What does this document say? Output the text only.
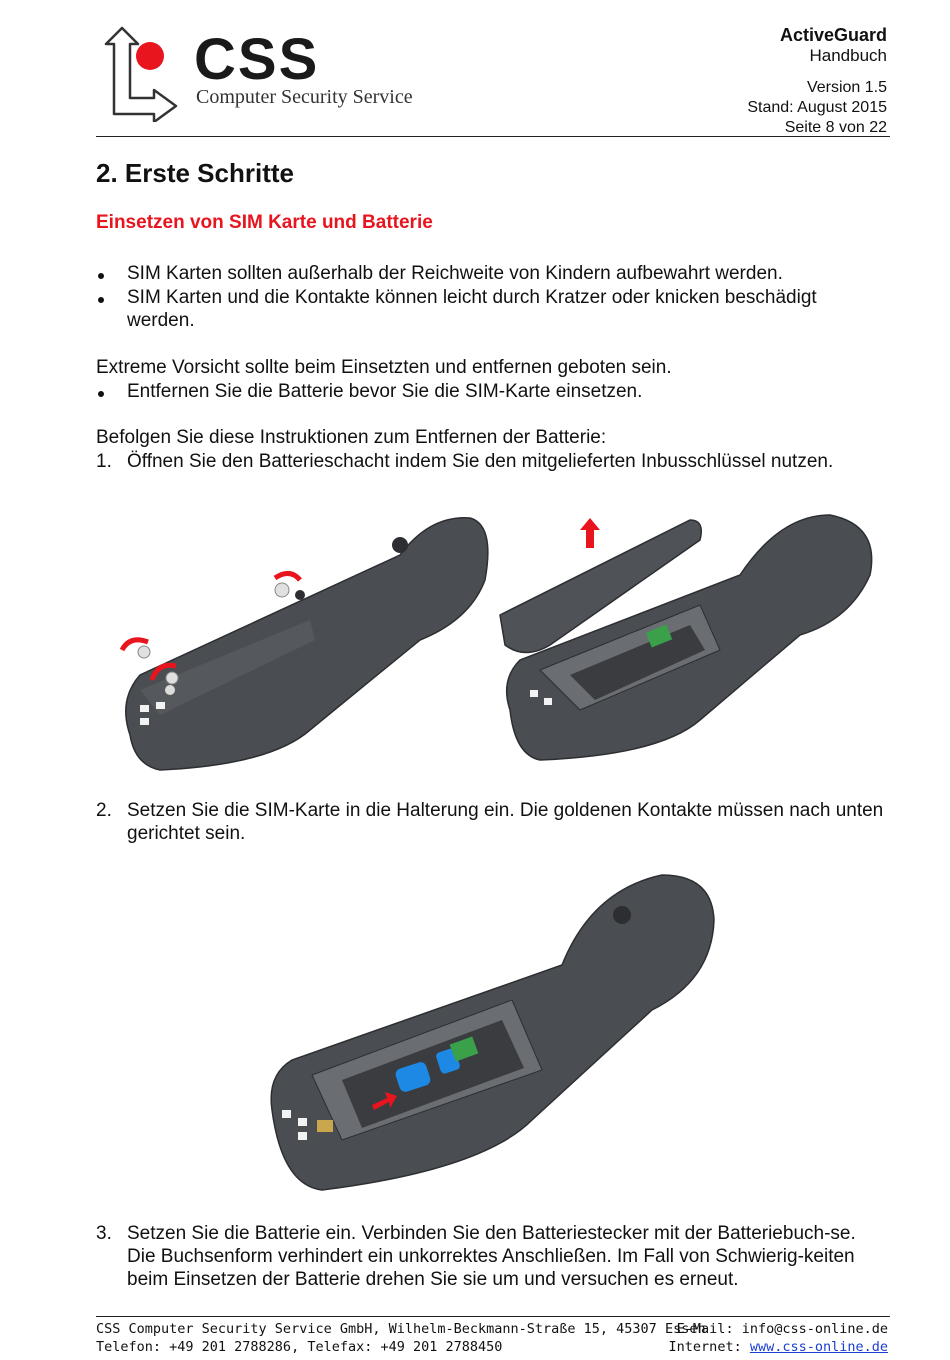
CSS
Computer Security Service
ActiveGuard
Handbuch
Version 1.5
Stand: August 2015
Seite 8 von 22
2. Erste Schritte
Einsetzen von SIM Karte und Batterie
SIM Karten sollten außerhalb der Reichweite von Kindern aufbewahrt werden.
SIM Karten und die Kontakte können leicht durch Kratzer oder knicken beschädigt werden.
Extreme Vorsicht sollte beim Einsetzten und entfernen geboten sein.
Entfernen Sie die Batterie bevor Sie die SIM-Karte einsetzen.
Befolgen Sie diese Instruktionen zum Entfernen der Batterie:
1. Öffnen Sie den Batterieschacht indem Sie den mitgelieferten Inbusschlüssel nutzen.
2. Setzen Sie die SIM-Karte in die Halterung ein. Die goldenen Kontakte müssen nach unten gerichtet sein.
3. Setzen Sie die Batterie ein. Verbinden Sie den Batteriestecker mit der Batteriebuch-se. Die Buchsenform verhindert ein unkorrektes Anschließen. Im Fall von Schwierig-keiten beim Einsetzen der Batterie drehen Sie sie um und versuchen es erneut.
CSS Computer Security Service GmbH, Wilhelm-Beckmann-Straße 15, 45307 Essen
Telefon: +49 201 2788286, Telefax: +49 201 2788450
E-Mail: info@css-online.de
Internet: www.css-online.de
